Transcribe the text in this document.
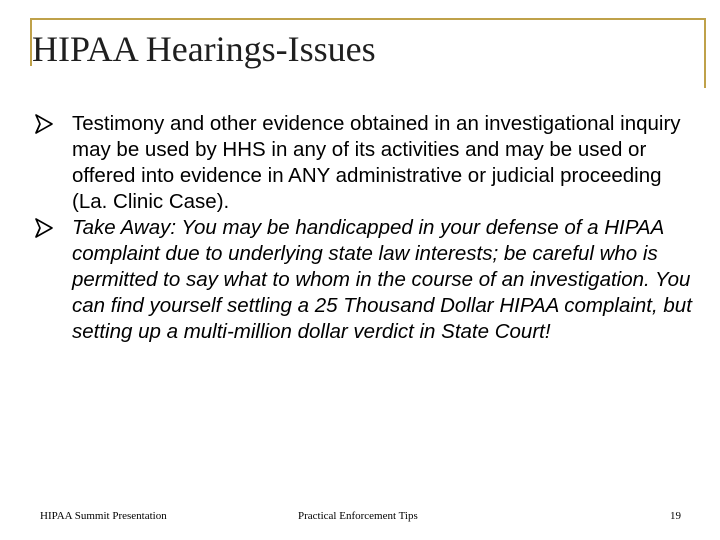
HIPAA Hearings-Issues
Testimony and other evidence obtained in an investigational inquiry may be used by HHS in any of its activities and may be used or offered into evidence in ANY administrative or judicial proceeding (La. Clinic Case).
Take Away: You may be handicapped in your defense of a HIPAA complaint due to underlying state law interests; be careful who is permitted to say what to whom in the course of an investigation. You can find yourself settling a 25 Thousand Dollar HIPAA complaint, but setting up a multi-million dollar verdict in State Court!
HIPAA Summit Presentation	Practical Enforcement Tips	19
